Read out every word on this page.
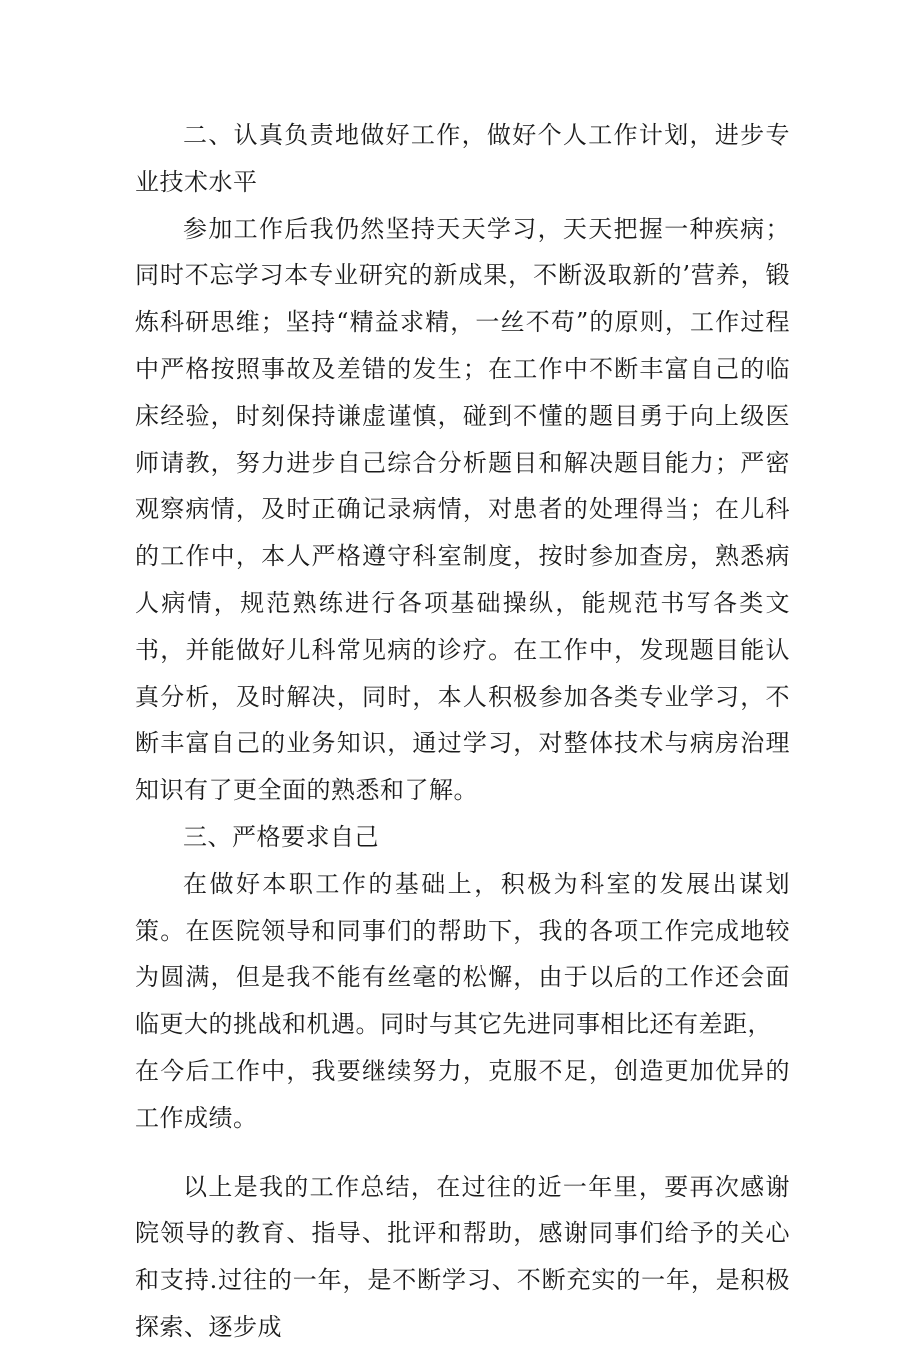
二、认真负责地做好工作，做好个人工作计划，进步专业技术水平

参加工作后我仍然坚持天天学习，天天把握一种疾病；同时不忘学习本专业研究的新成果，不断汲取新的’营养，锻炼科研思维；坚持“精益求精，一丝不苟”的原则，工作过程中严格按照事故及差错的发生；在工作中不断丰富自己的临床经验，时刻保持谦虚谨慎，碰到不懂的题目勇于向上级医师请教，努力进步自己综合分析题目和解决题目能力；严密观察病情，及时正确记录病情，对患者的处理得当；在儿科的工作中，本人严格遵守科室制度，按时参加查房，熟悉病人病情，规范熟练进行各项基础操纵，能规范书写各类文书，并能做好儿科常见病的诊疗。在工作中，发现题目能认真分析，及时解决，同时，本人积极参加各类专业学习，不断丰富自己的业务知识，通过学习，对整体技术与病房治理知识有了更全面的熟悉和了解。

三、严格要求自己

在做好本职工作的基础上，积极为科室的发展出谋划策。在医院领导和同事们的帮助下，我的各项工作完成地较为圆满，但是我不能有丝毫的松懈，由于以后的工作还会面临更大的挑战和机遇。同时与其它先进同事相比还有差距，

在今后工作中，我要继续努力，克服不足，创造更加优异的工作成绩。

以上是我的工作总结，在过往的近一年里，要再次感谢院领导的教育、指导、批评和帮助，感谢同事们给予的关心和支持.过往的一年，是不断学习、不断充实的一年，是积极探索、逐步成
